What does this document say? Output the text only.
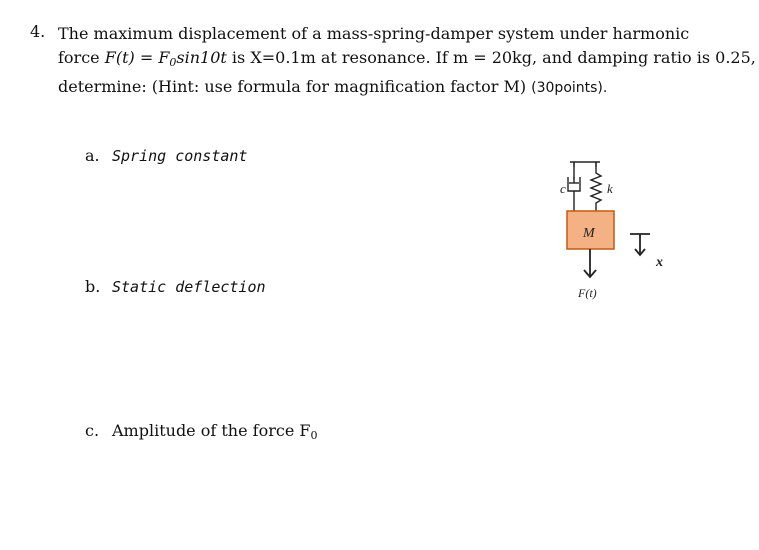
4. The maximum displacement of a mass-spring-damper system under harmonic
force $F(t) = F_0\sin 10t$ is X=0.1m at resonance. If m = 20kg, and damping ratio is 0.25,
determine: (Hint: use formula for magnification factor M) (30points).
a. Spring constant
b. Static deflection
c. Amplitude of the force $F_0$
c	k
M
F(t)
x
